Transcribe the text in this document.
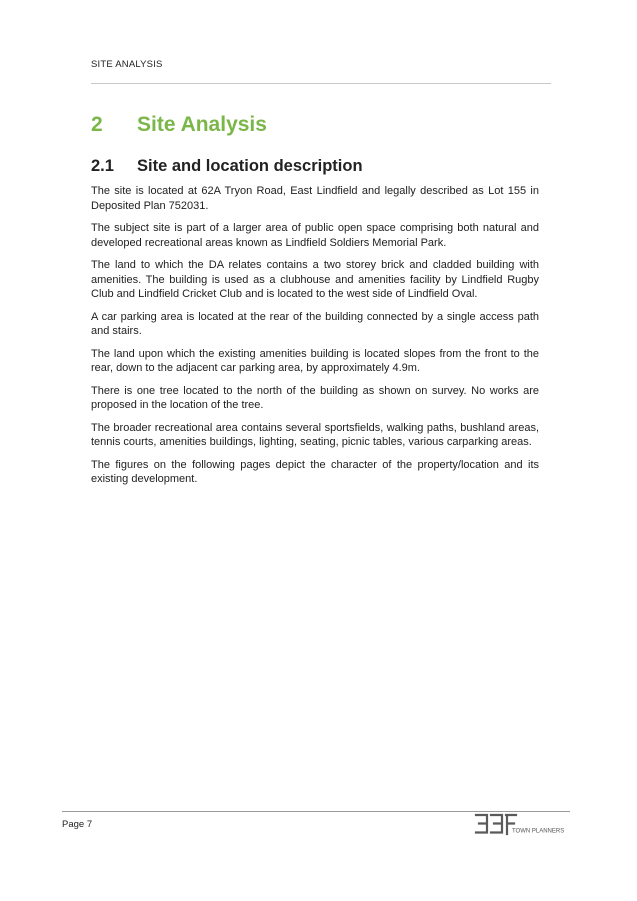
SITE ANALYSIS
2	Site Analysis
2.1	Site and location description

The site is located at 62A Tryon Road, East Lindfield and legally described as Lot 155 in Deposited Plan 752031.

The subject site is part of a larger area of public open space comprising both natural and developed recreational areas known as Lindfield Soldiers Memorial Park.

The land to which the DA relates contains a two storey brick and cladded building with amenities. The building is used as a clubhouse and amenities facility by Lindfield Rugby Club and Lindfield Cricket Club and is located to the west side of Lindfield Oval.

A car parking area is located at the rear of the building connected by a single access path and stairs.

The land upon which the existing amenities building is located slopes from the front to the rear, down to the adjacent car parking area, by approximately 4.9m.

There is one tree located to the north of the building as shown on survey. No works are proposed in the location of the tree.

The broader recreational area contains several sportsfields, walking paths, bushland areas, tennis courts, amenities buildings, lighting, seating, picnic tables, various carparking areas.

The figures on the following pages depict the character of the property/location and its existing development.

Page 7
TOWN PLANNERS
